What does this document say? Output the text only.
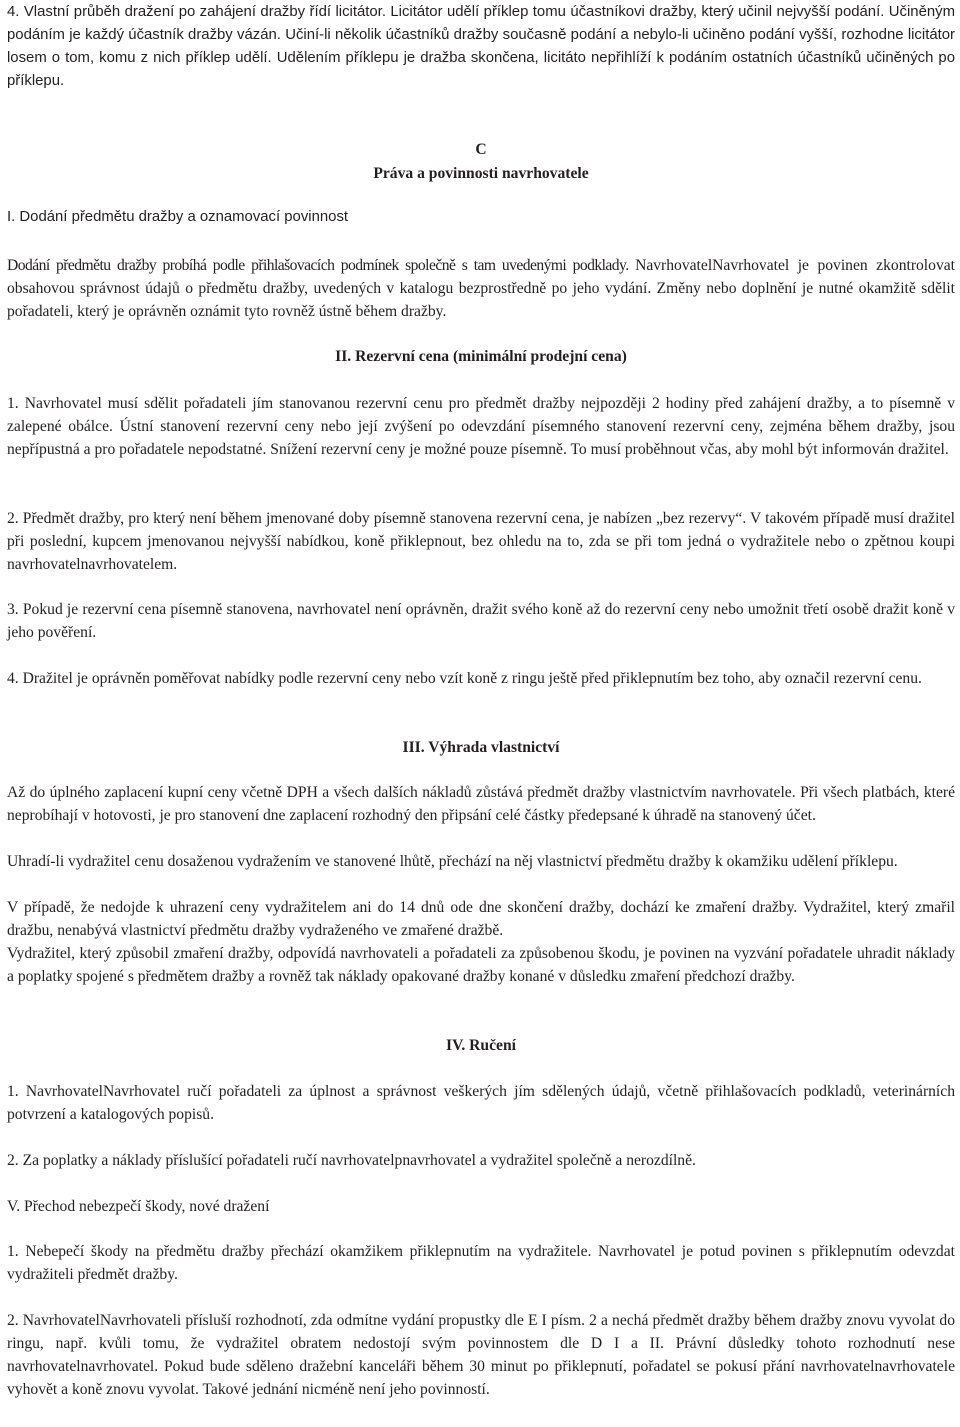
4. Vlastní průběh dražení po zahájení dražby řídí licitátor. Licitátor udělí příklep tomu účastníkovi dražby, který učinil nejvyšší podání. Učiněným podáním je každý účastník dražby vázán. Učiní-li několik účastníků dražby současně podání a nebylo-li učiněno podání vyšší, rozhodne licitátor losem o tom, komu z nich příklep udělí. Udělením příklepu je dražba skončena, licitáto nepřihlíží k podáním ostatních účastníků učiněných po příklepu.

C
Práva a povinnosti navrhovatele
I. Dodání předmětu dražby a oznamovací povinnost

Dodání předmětu dražby probíhá podle přihlašovacích podmínek společně s tam uvedenými podklady. NavrhovatelNavrhovatel je povinen zkontrolovat obsahovou správnost údajů o předmětu dražby, uvedených v katalogu bezprostředně po jeho vydání. Změny nebo doplnění je nutné okamžitě sdělit pořadateli, který je oprávněn oznámit tyto rovněž ústně během dražby.

II. Rezervní cena (minimální prodejní cena)

1. Navrhovatel musí sdělit pořadateli jím stanovanou rezervní cenu pro předmět dražby nejpozději 2 hodiny před zahájení dražby, a to písemně v zalepené obálce. Ústní stanovení rezervní ceny nebo její zvýšení po odevzdání písemného stanovení rezervní ceny, zejména během dražby, jsou nepřípustná a pro pořadatele nepodstatné. Snížení rezervní ceny je možné pouze písemně. To musí proběhnout včas, aby mohl být informován dražitel.

2. Předmět dražby, pro který není během jmenované doby písemně stanovena rezervní cena, je nabízen „bez rezervy“. V takovém případě musí dražitel při poslední, kupcem jmenovanou nejvyšší nabídkou, koně přiklepnout, bez ohledu na to, zda se při tom jedná o vydražitele nebo o zpětnou koupi navrhovatelnavrhovatelem.

3. Pokud je rezervní cena písemně stanovena, navrhovatel není oprávněn, dražit svého koně až do rezervní ceny nebo umožnit třetí osobě dražit koně v jeho pověření.

4. Dražitel je oprávněn poměřovat nabídky podle rezervní ceny nebo vzít koně z ringu ještě před přiklepnutím bez toho, aby označil rezervní cenu.

III. Výhrada vlastnictví

Až do úplného zaplacení kupní ceny včetně DPH a všech dalších nákladů zůstává předmět dražby vlastnictvím navrhovatele. Při všech platbách, které neprobíhají v hotovosti, je pro stanovení dne zaplacení rozhodný den připsání celé částky předepsané k úhradě na stanovený účet.

Uhradí-li vydražitel cenu dosaženou vydražením ve stanovené lhůtě, přechází na něj vlastnictví předmětu dražby k okamžiku udělení příklepu.

V případě, že nedojde k uhrazení ceny vydražitelem ani do 14 dnů ode dne skončení dražby, dochází ke zmaření dražby. Vydražitel, který zmařil dražbu, nenabývá vlastnictví předmětu dražby vydraženého ve zmařené dražbě.

Vydražitel, který způsobil zmaření dražby, odpovídá navrhovateli a pořadateli za způsobenou škodu, je povinen na vyzvání pořadatele uhradit náklady a poplatky spojené s předmětem dražby a rovněž tak náklady opakované dražby konané v důsledku zmaření předchozí dražby.

IV. Ručení

1. NavrhovatelNavrhovatel ručí pořadateli za úplnost a správnost veškerých jím sdělených údajů, včetně přihlašovacích podkladů, veterinárních potvrzení a katalogových popisů.

2. Za poplatky a náklady příslušící pořadateli ručí navrhovatelpnavrhovatel a vydražitel společně a nerozdílně.

V. Přechod nebezpečí škody, nové dražení

1. Nebepečí škody na předmětu dražby přechází okamžikem přiklepnutím na vydražitele. Navrhovatel je potud povinen s přiklepnutím odevzdat vydražiteli předmět dražby.

2. NavrhovatelNavrhovateli přísluší rozhodnotí, zda odmítne vydání propustky dle E I písm. 2 a nechá předmět dražby během dražby znovu vyvolat do ringu, např. kvůli tomu, že vydražitel obratem nedostojí svým povinnostem dle D I a II. Právní důsledky tohoto rozhodnutí nese navrhovatelnavrhovatel. Pokud bude sděleno dražební kanceláři během 30 minut po přiklepnutí, pořadatel se pokusí přání navrhovatelnavrhovatele vyhovět a koně znovu vyvolat. Takové jednání nicméně není jeho povinností.
